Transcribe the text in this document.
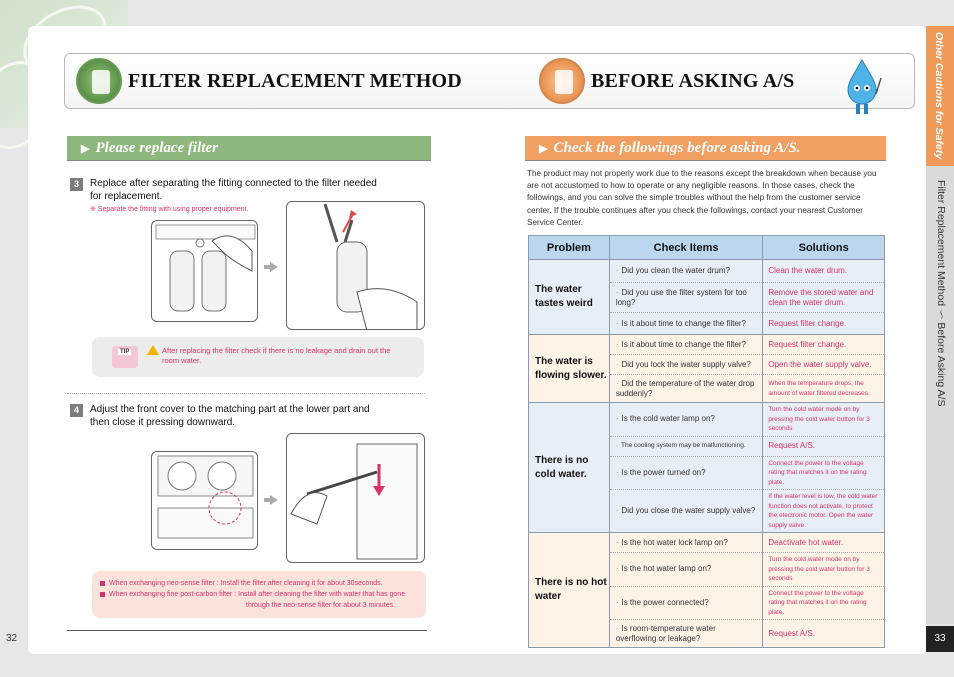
FILTER REPLACEMENT METHOD	BEFORE ASKING A/S	Other Cautions for Safety
Filter Replacement Method ～ Before Asking A/S
33
32
▶ Please replace filter
3	Replace after separating the fitting connected to the filter needed for replacement.
※ Separate the fitting with using proper equipment.
TIP	After replacing the filter check if there is no leakage and drain out the room water.
4	Adjust the front cover to the matching part at the lower part and then close it pressing downward.
When exchanging neo-sense filter : Install the filter after cleaning it for about 30seconds.
When exchanging fine post-carbon filter : Install after cleaning the filter with water that has gone
through the neo-sense filter for about 3 minutes.
▶ Check the followings before asking A/S.
The product may not properly work due to the reasons except the breakdown when because you are not accustomed to how to operate or any negligible reasons. In those cases, check the followings, and you can solve the simple troubles without the help from the customer service center. If the trouble continues after you check the followings, contact your nearest Customer Service Center.
Problem	Check Items	Solutions
The water tastes weird	· Did you clean the water drum?	Clean the water drum.
	· Did you use the filter system for too long?	Remove the stored water and clean the water drum.
	· Is it about time to change the filter?	Request filter change.
The water is flowing slower.	· Is it about time to change the filter?	Request filter change.
	· Did you lock the water supply valve?	Open the water supply valve.
	· Did the temperature of the water drop suddenly?	When the temperature drops, the amount of water filtered decreases.
There is no cold water.	· Is the cold water lamp on?	Turn the cold water mode on by pressing the cold water button for 3 seconds
	· The cooling system may be malfunctioning.	Request A/S.
	· Is the power turned on?	Connect the power to the voltage rating that matches it on the rating plate.
	· Did you close the water supply valve?	If the water level is low, the cold water function does not activate, to protect the electronic motor. Open the water supply valve.
There is no hot water	· Is the hot water lock lamp on?	Deactivate hot water.
	· Is the hot water lamp on?	Turn the cold water mode on by pressing the cold water button for 3 seconds
	· Is the power connected?	Connect the power to the voltage rating that matches it on the rating plate.
	· Is room-temperature water overflowing or leakage?	Request A/S.
